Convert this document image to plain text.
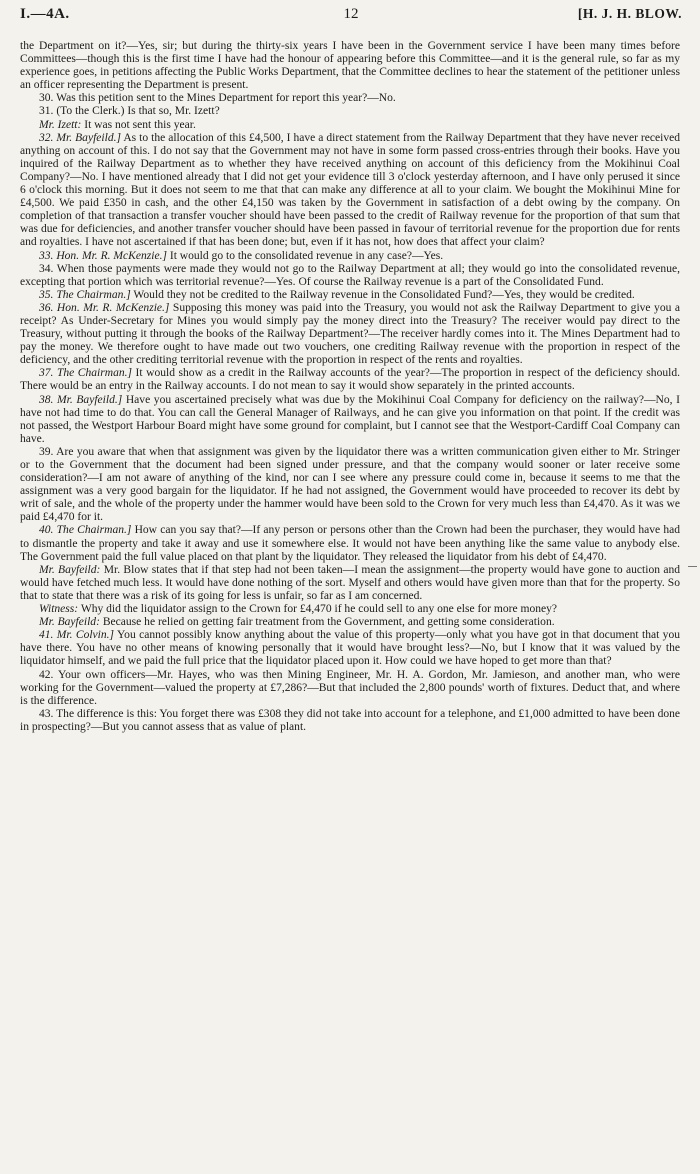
I.—4A.	12	[H. J. H. BLOW.

the Department on it?—Yes, sir; but during the thirty-six years I have been in the Government service I have been many times before Committees—though this is the first time I have had the honour of appearing before this Committee—and it is the general rule, so far as my experience goes, in petitions affecting the Public Works Department, that the Committee declines to hear the statement of the petitioner unless an officer representing the Department is present.

30. Was this petition sent to the Mines Department for report this year?—No.

31. (To the Clerk.) Is that so, Mr. Izett?

Mr. Izett: It was not sent this year.

32. Mr. Bayfeild.] As to the allocation of this £4,500, I have a direct statement from the Railway Department that they have never received anything on account of this. I do not say that the Government may not have in some form passed cross-entries through their books. Have you inquired of the Railway Department as to whether they have received anything on account of this deficiency from the Mokihinui Coal Company?—No. I have mentioned already that I did not get your evidence till 3 o'clock yesterday afternoon, and I have only perused it since 6 o'clock this morning. But it does not seem to me that that can make any difference at all to your claim. We bought the Mokihinui Mine for £4,500. We paid £350 in cash, and the other £4,150 was taken by the Government in satisfaction of a debt owing by the company. On completion of that transaction a transfer voucher should have been passed to the credit of Railway revenue for the proportion of that sum that was due for deficiencies, and another transfer voucher should have been passed in favour of territorial revenue for the proportion due for rents and royalties. I have not ascertained if that has been done; but, even if it has not, how does that affect your claim?

33. Hon. Mr. R. McKenzie.] It would go to the consolidated revenue in any case?—Yes.

34. When those payments were made they would not go to the Railway Department at all; they would go into the consolidated revenue, excepting that portion which was territorial revenue?—Yes. Of course the Railway revenue is a part of the Consolidated Fund.

35. The Chairman.] Would they not be credited to the Railway revenue in the Consolidated Fund?—Yes, they would be credited.

36. Hon. Mr. R. McKenzie.] Supposing this money was paid into the Treasury, you would not ask the Railway Department to give you a receipt? As Under-Secretary for Mines you would simply pay the money direct into the Treasury? The receiver would pay direct to the Treasury, without putting it through the books of the Railway Department?—The receiver hardly comes into it. The Mines Department had to pay the money. We therefore ought to have made out two vouchers, one crediting Railway revenue with the proportion in respect of the deficiency, and the other crediting territorial revenue with the proportion in respect of the rents and royalties.

37. The Chairman.] It would show as a credit in the Railway accounts of the year?—The proportion in respect of the deficiency should. There would be an entry in the Railway accounts. I do not mean to say it would show separately in the printed accounts.

38. Mr. Bayfeild.] Have you ascertained precisely what was due by the Mokihinui Coal Company for deficiency on the railway?—No, I have not had time to do that. You can call the General Manager of Railways, and he can give you information on that point. If the credit was not passed, the Westport Harbour Board might have some ground for complaint, but I cannot see that the Westport-Cardiff Coal Company can have.

39. Are you aware that when that assignment was given by the liquidator there was a written communication given either to Mr. Stringer or to the Government that the document had been signed under pressure, and that the company would sooner or later receive some consideration?—I am not aware of anything of the kind, nor can I see where any pressure could come in, because it seems to me that the assignment was a very good bargain for the liquidator. If he had not assigned, the Government would have proceeded to recover its debt by writ of sale, and the whole of the property under the hammer would have been sold to the Crown for very much less than £4,470. As it was we paid £4,470 for it.

40. The Chairman.] How can you say that?—If any person or persons other than the Crown had been the purchaser, they would have had to dismantle the property and take it away and use it somewhere else. It would not have been anything like the same value to anybody else. The Government paid the full value placed on that plant by the liquidator. They released the liquidator from his debt of £4,470.

Mr. Bayfeild: Mr. Blow states that if that step had not been taken—I mean the assignment—the property would have gone to auction and would have fetched much less. It would have done nothing of the sort. Myself and others would have given more than that for the property. So that to state that there was a risk of its going for less is unfair, so far as I am concerned.

Witness: Why did the liquidator assign to the Crown for £4,470 if he could sell to any one else for more money?

Mr. Bayfeild: Because he relied on getting fair treatment from the Government, and getting some consideration.

41. Mr. Colvin.] You cannot possibly know anything about the value of this property—only what you have got in that document that you have there. You have no other means of knowing personally that it would have brought less?—No, but I know that it was valued by the liquidator himself, and we paid the full price that the liquidator placed upon it. How could we have hoped to get more than that?

42. Your own officers—Mr. Hayes, who was then Mining Engineer, Mr. H. A. Gordon, Mr. Jamieson, and another man, who were working for the Government—valued the property at £7,286?—But that included the 2,800 pounds' worth of fixtures. Deduct that, and where is the difference.

43. The difference is this: You forget there was £308 they did not take into account for a telephone, and £1,000 admitted to have been done in prospecting?—But you cannot assess that as value of plant.
